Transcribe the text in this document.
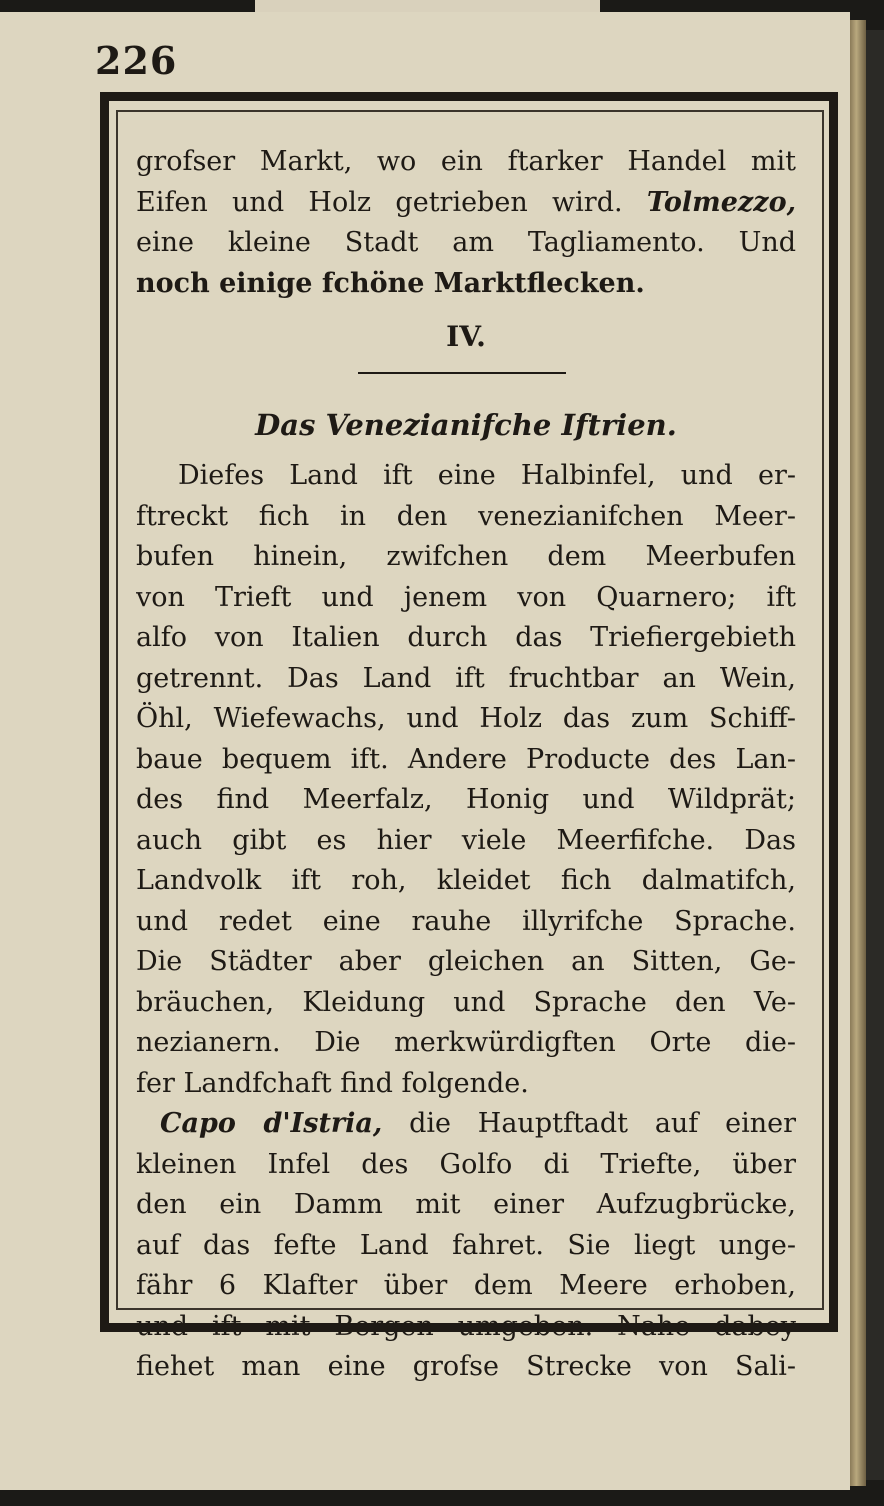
226
grofser Markt, wo ein ftarker Handel mit
Eifen und Holz getrieben wird. Tolmezzo,
eine kleine Stadt am Tagliamento. Und
noch einige fchöne Marktflecken.
IV.
Das Venezianifche Iftrien.
Diefes Land ift eine Halbinfel, und er-
ftreckt fich in den venezianifchen Meer-
bufen hinein, zwifchen dem Meerbufen
von Trieft und jenem von Quarnero; ift
alfo von Italien durch das Triefiergebieth
getrennt. Das Land ift fruchtbar an Wein,
Öhl, Wiefewachs, und Holz das zum Schiff-
baue bequem ift. Andere Producte des Lan-
des find Meerfalz, Honig und Wildprät;
auch gibt es hier viele Meerfifche. Das
Landvolk ift roh, kleidet fich dalmatifch,
und redet eine rauhe illyrifche Sprache.
Die Städter aber gleichen an Sitten, Ge-
bräuchen, Kleidung und Sprache den Ve-
nezianern. Die merkwürdigften Orte die-
fer Landfchaft find folgende.
Capo d'Istria, die Hauptftadt auf einer
kleinen Infel des Golfo di Triefte, über
den ein Damm mit einer Aufzugbrücke,
auf das fefte Land fahret. Sie liegt unge-
fähr 6 Klafter über dem Meere erhoben,
und ift mit Bergen umgeben. Nahe dabey
fiehet man eine grofse Strecke von Sali-
